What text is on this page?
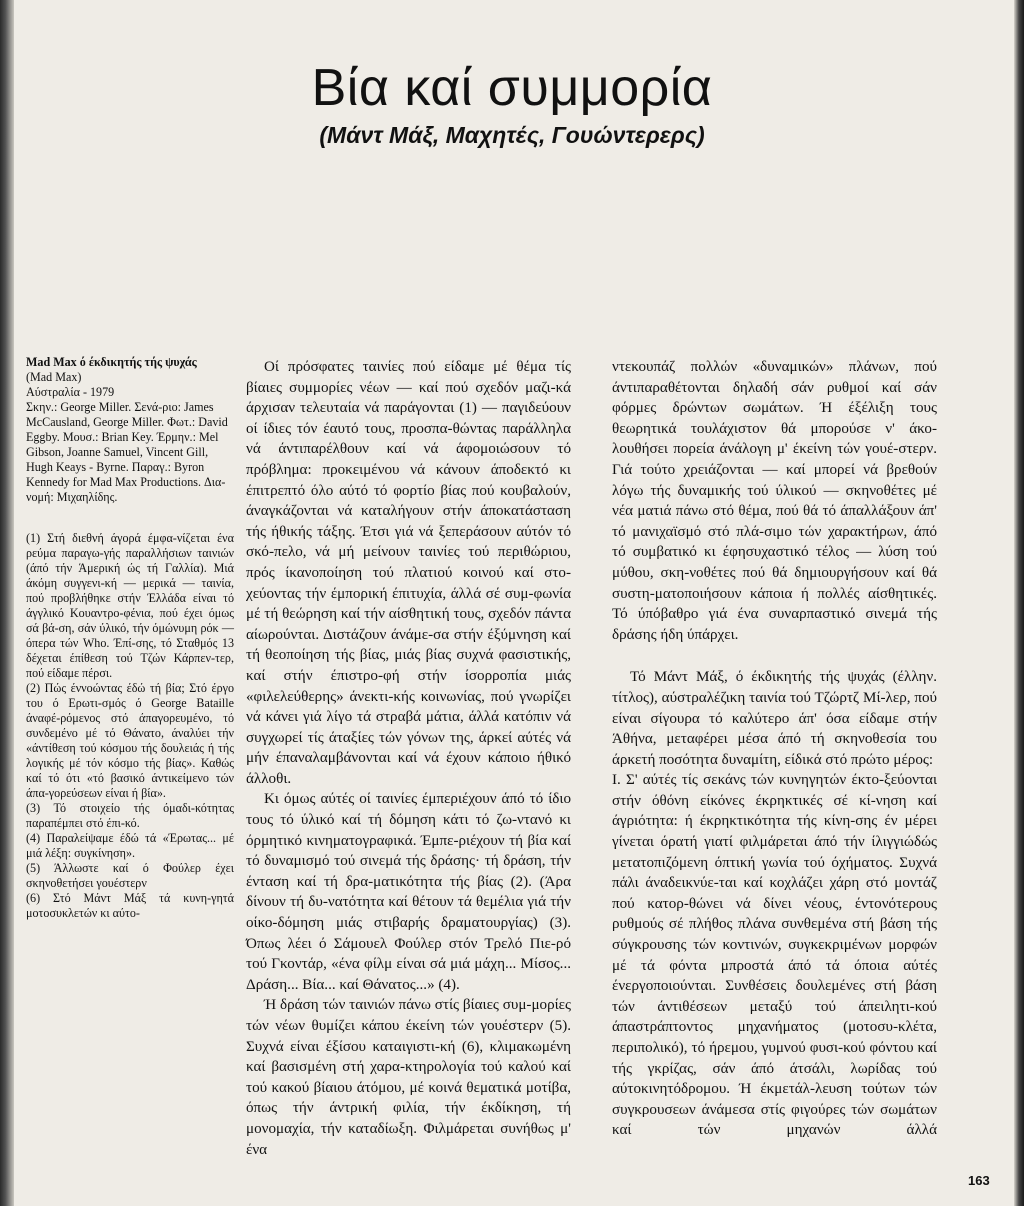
Βία καί συμμορία
(Μάντ Μάξ, Μαχητές, Γουώντερερς)

Mad Max ό έκδικητής τής ψυχάς

(Mad Max)

Αύστραλία - 1979

Σκην.: George Miller. Σενά-ριο: James McCausland, George Miller. Φωτ.: David Eggby. Μουσ.: Brian Key. Έρμην.: Mel Gibson, Joanne Samuel, Vincent Gill, Hugh Keays - Byrne. Παραγ.: Byron Kennedy for Mad Max Productions. Δια-νομή: Μιχαηλίδης.

(1) Στή διεθνή άγορά έμφα-νίζεται ένα ρεύμα παραγω-γής παραλλήσιων ταινιών (άπό τήν Άμερική ώς τή Γαλλία). Μιά άκόμη συγγενι-κή — μερικά — ταινία, πού προβλήθηκε στήν Έλλάδα είναι τό άγγλικό Κουαντρο-φένια, πού έχει όμως σά βά-ση, σάν ύλικό, τήν όμώνυμη ρόκ — όπερα τών Who. Έπί-σης, τό Σταθμός 13 δέχεται έπίθεση τού Τζών Κάρπεν-τερ, πού είδαμε πέρσι.

(2) Πώς έννοώντας έδώ τή βία; Στό έργο του ό Ερωτι-σμός ό George Bataille άναφέ-ρόμενος στό άπαγορευμένο, τό συνδεμένο μέ τό Θάνατο, άναλύει τήν «άντίθεση τού κόσμου τής δουλειάς ή τής λογικής μέ τόν κόσμο τής βίας». Καθώς καί τό ότι «τό βασικό άντικείμενο τών άπα-γορεύσεων είναι ή βία».

(3) Τό στοιχείο τής όμαδι-κότητας παραπέμπει στό έπι-κό.

(4) Παραλείψαμε έδώ τά «Έρωτας... μέ μιά λέξη: συγκίνηση».

(5) Άλλωστε καί ό Φούλερ έχει σκηνοθετήσει γουέστερν

(6) Στό Μάντ Μάξ τά κυνη-γητά μοτοσυκλετών κι αύτο-

Οί πρόσφατες ταινίες πού είδαμε μέ θέμα τίς βίαιες συμμορίες νέων — καί πού σχεδόν μαζι-κά άρχισαν τελευταία νά παράγονται (1) — παγιδεύουν οί ίδιες τόν έαυτό τους, προσπα-θώντας παράλληλα νά άντιπαρέλθουν καί νά άφομοιώσουν τό πρόβλημα: προκειμένου νά κάνουν άποδεκτό κι έπιτρεπτό όλο αύτό τό φορτίο βίας πού κουβαλούν, άναγκάζονται νά καταλήγουν στήν άποκατάσταση τής ήθικής τάξης. Έτσι γιά νά ξεπεράσουν αύτόν τό σκό-πελο, νά μή μείνουν ταινίες τού περιθώριου, πρός ίκανοποίηση τού πλατιού κοινού καί στο-χεύοντας τήν έμπορική έπιτυχία, άλλά σέ συμ-φωνία μέ τή θεώρηση καί τήν αίσθητική τους, σχεδόν πάντα αίωρούνται. Διστάζουν άνάμε-σα στήν έξύμνηση καί τή θεοποίηση τής βίας, μιάς βίας συχνά φασιστικής, καί στήν έπιστρο-φή στήν ίσορροπία μιάς «φιλελεύθερης» άνεκτι-κής κοινωνίας, πού γνωρίζει νά κάνει γιά λίγο τά στραβά μάτια, άλλά κατόπιν νά συγχωρεί τίς άταξίες τών γόνων της, άρκεί αύτές νά μήν έπαναλαμβάνονται καί νά έχουν κάποιο ήθικό άλλοθι.

Κι όμως αύτές οί ταινίες έμπεριέχουν άπό τό ίδιο τους τό ύλικό καί τή δόμηση κάτι τό ζω-ντανό κι όρμητικό κινηματογραφικά. Έμπε-ριέχουν τή βία καί τό δυναμισμό τού σινεμά τής δράσης· τή δράση, τήν ένταση καί τή δρα-ματικότητα τής βίας (2). (Άρα δίνουν τή δυ-νατότητα καί θέτουν τά θεμέλια γιά τήν οίκο-δόμηση μιάς στιβαρής δραματουργίας) (3). Όπως λέει ό Σάμουελ Φούλερ στόν Τρελό Πιε-ρό τού Γκοντάρ, «ένα φίλμ είναι σά μιά μάχη... Μίσος... Δράση... Βία... καί Θάνατος...» (4).

Ή δράση τών ταινιών πάνω στίς βίαιες συμ-μορίες τών νέων θυμίζει κάπου έκείνη τών γουέστερν (5). Συχνά είναι έξίσου καταιγιστι-κή (6), κλιμακωμένη καί βασισμένη στή χαρα-κτηρολογία τού καλού καί τού κακού βίαιου άτόμου, μέ κοινά θεματικά μοτίβα, όπως τήν άντρική φιλία, τήν έκδίκηση, τή μονομαχία, τήν καταδίωξη. Φιλμάρεται συνήθως μ' ένα

ντεκουπάζ πολλών «δυναμικών» πλάνων, πού άντιπαραθέτονται δηλαδή σάν ρυθμοί καί σάν φόρμες δρώντων σωμάτων. Ή έξέλιξη τους θεωρητικά τουλάχιστον θά μπορούσε ν' άκο-λουθήσει πορεία άνάλογη μ' έκείνη τών γουέ-στερν. Γιά τούτο χρειάζονται — καί μπορεί νά βρεθούν λόγω τής δυναμικής τού ύλικού — σκηνοθέτες μέ νέα ματιά πάνω στό θέμα, πού θά τό άπαλλάξουν άπ' τό μανιχαϊσμό στό πλά-σιμο τών χαρακτήρων, άπό τό συμβατικό κι έφησυχαστικό τέλος — λύση τού μύθου, σκη-νοθέτες πού θά δημιουργήσουν καί θά συστη-ματοποιήσουν κάποια ή πολλές αίσθητικές. Τό ύπόβαθρο γιά ένα συναρπαστικό σινεμά τής δράσης ήδη ύπάρχει.

Τό Μάντ Μάξ, ό έκδικητής τής ψυχάς (έλλην. τίτλος), αύστραλέζικη ταινία τού Τζώρτζ Μί-λερ, πού είναι σίγουρα τό καλύτερο άπ' όσα είδαμε στήν Άθήνα, μεταφέρει μέσα άπό τή σκηνοθεσία του άρκετή ποσότητα δυναμίτη, είδικά στό πρώτο μέρος:

Ι. Σ' αύτές τίς σεκάνς τών κυνηγητών έκτο-ξεύονται στήν όθόνη είκόνες έκρηκτικές σέ κί-νηση καί άγριότητα: ή έκρηκτικότητα τής κίνη-σης έν μέρει γίνεται όρατή γιατί φιλμάρεται άπό τήν ίλιγγιώδώς μετατοπιζόμενη όπτική γωνία τού όχήματος. Συχνά πάλι άναδεικνύε-ται καί κοχλάζει χάρη στό μοντάζ πού κατορ-θώνει νά δίνει νέους, έντονότερους ρυθμούς σέ πλήθος πλάνα συνθεμένα στή βάση τής σύγκρουσης τών κοντινών, συγκεκριμένων μορφών μέ τά φόντα μπροστά άπό τά όποια αύτές ένεργοποιούνται. Συνθέσεις δουλεμένες στή βάση τών άντιθέσεων μεταξύ τού άπειλητι-κού άπαστράπτοντος μηχανήματος (μοτοσυ-κλέτα, περιπολικό), τό ήρεμου, γυμνού φυσι-κού φόντου καί τής γκρίζας, σάν άπό άτσάλι, λωρίδας τού αύτοκινητόδρομου. Ή έκμετάλ-λευση τούτων τών συγκρουσεων άνάμεσα στίς φιγούρες τών σωμάτων καί τών μηχανών άλλά

163
